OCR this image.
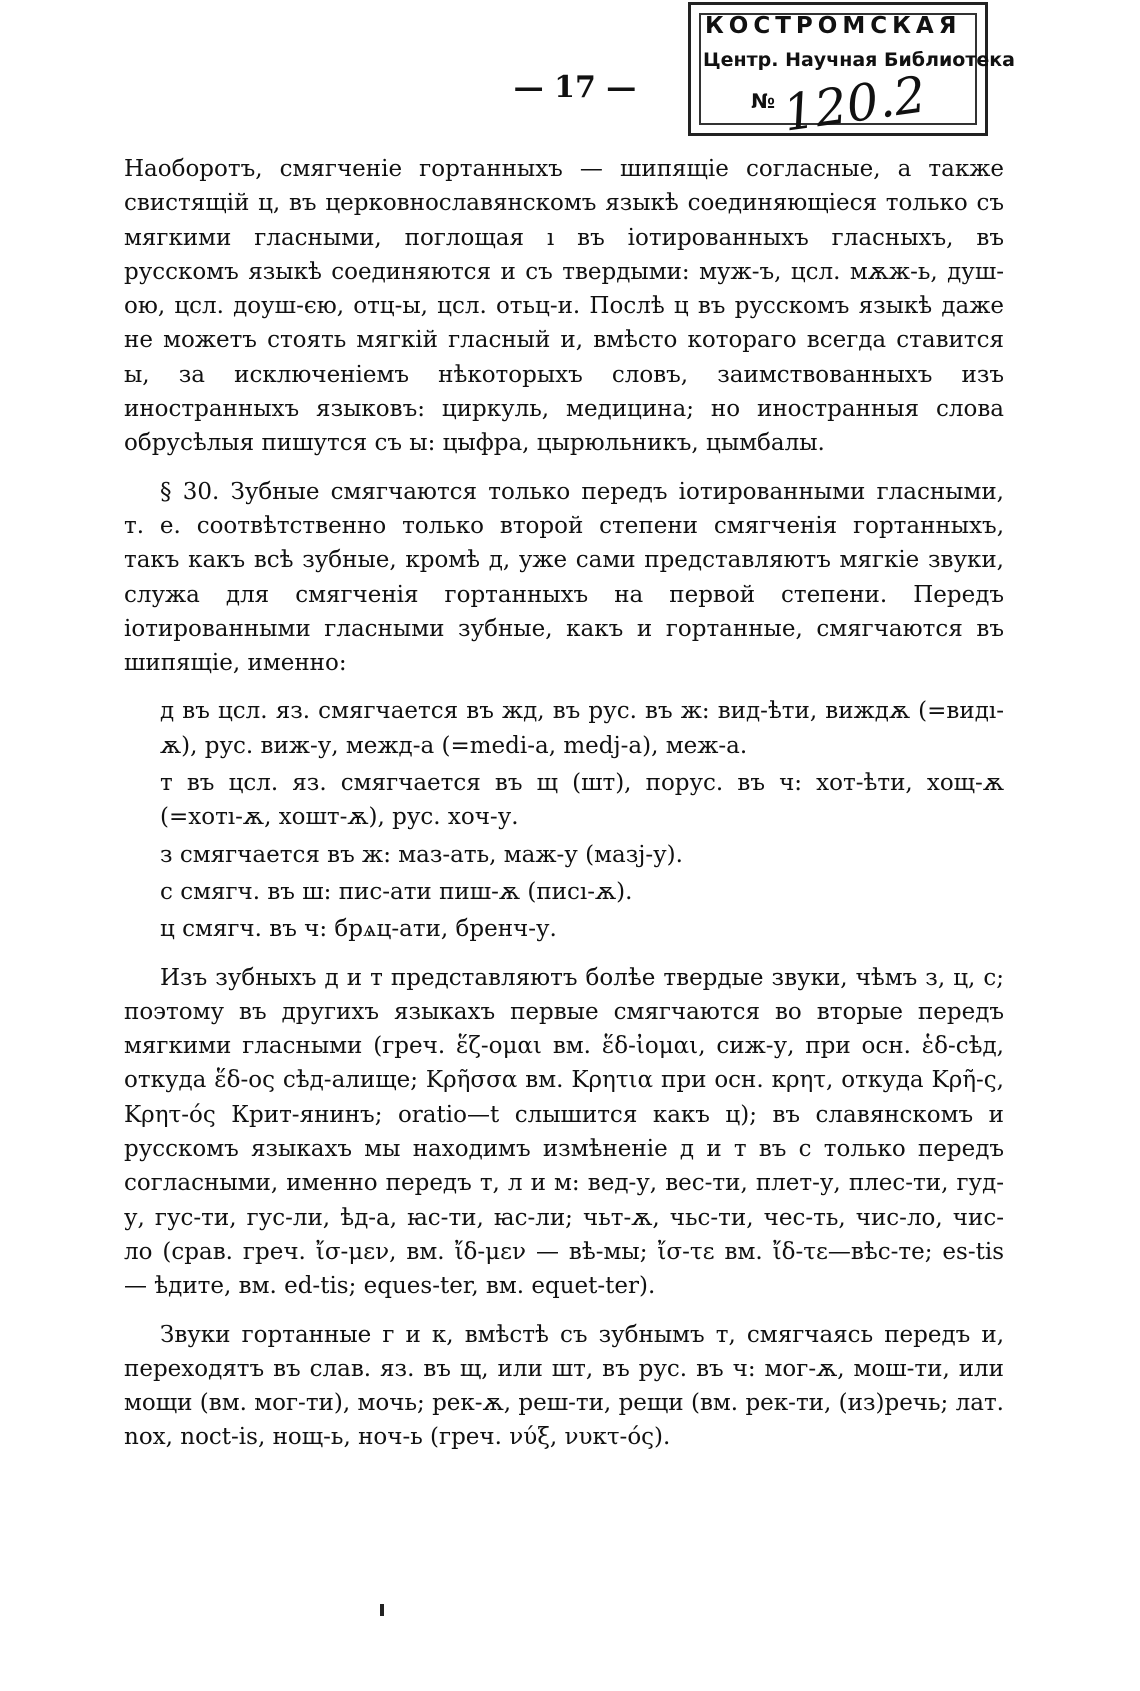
КОСТРОМСКАЯ
Центр. Научная Библиотека
№ 120.2
— 17 —

Наоборотъ, смягченіе гортанныхъ — шипящіе согласные, а также свистящій ц, въ церковнославянскомъ языкѣ соединяющіеся только съ мягкими гласными, поглощая ı въ іотированныхъ гласныхъ, въ русскомъ языкѣ соединяются и съ твердыми: муж-ъ, цсл. мѫж-ь, душ-ою, цсл. доуш-єю, отц-ы, цсл. отьц-и. Послѣ ц въ русскомъ языкѣ даже не можетъ стоять мягкій гласный и, вмѣсто котораго всегда ставится ы, за исключеніемъ нѣкоторыхъ словъ, заимствованныхъ изъ иностранныхъ языковъ: циркуль, медицина; но иностранныя слова обрусѣлыя пишутся съ ы: цыфра, цырюльникъ, цымбалы.

§ 30. Зубные смягчаются только передъ іотированными гласными, т. е. соотвѣтственно только второй степени смягченія гортанныхъ, такъ какъ всѣ зубные, кромѣ д, уже сами представляютъ мягкіе звуки, служа для смягченія гортанныхъ на первой степени. Передъ іотированными гласными зубные, какъ и гортанные, смягчаются въ шипящіе, именно:

д въ цсл. яз. смягчается въ жд, въ рус. въ ж: вид-ѣти, виждѫ (=видı-ѫ), рус. виж-у, межд-а (=medi-a, medj-a), меж-а.

т въ цсл. яз. смягчается въ щ (шт), порус. въ ч: хот-ѣти, хощ-ѫ (=хотı-ѫ, хошт-ѫ), рус. хоч-у.

з смягчается въ ж: маз-ать, маж-у (мазј-у).

с смягч. въ ш: пис-ати пиш-ѫ (писı-ѫ).

ц смягч. въ ч: брѧц-ати, бренч-у.

Изъ зубныхъ д и т представляютъ болѣе твердые звуки, чѣмъ з, ц, с; поэтому въ другихъ языкахъ первые смягчаются во вторые передъ мягкими гласными (греч. ἕζ-ομαι вм. ἕδ-ἰομαι, сиж-у, при осн. ἑδ-сѣд, откуда ἕδ-ος сѣд-алище; Κρῆσσα вм. Κρητια при осн. κρητ, откуда Κρῆ-ς, Κρητ-ός Крит-янинъ; oratio—t слышится какъ ц); въ славянскомъ и русскомъ языкахъ мы находимъ измѣненіе д и т въ с только передъ согласными, именно передъ т, л и м: вед-у, вес-ти, плет-у, плес-ти, гуд-у, гус-ти, гус-ли, ѣд-а, ꙗс-ти, ꙗс-ли; чьт-ѫ, чьс-ти, чес-ть, чис-ло, чис-ло (срав. греч. ἴσ-μεν, вм. ἴδ-μεν — вѣ-мы; ἴσ-τε вм. ἴδ-τε—вѣс-те; es-tis — ѣдите, вм. ed-tis; eques-ter, вм. equet-ter).

Звуки гортанные г и к, вмѣстѣ съ зубнымъ т, смягчаясь передъ и, переходятъ въ слав. яз. въ щ, или шт, въ рус. въ ч: мог-ѫ, мош-ти, или мощи (вм. мог-ти), мочь; рек-ѫ, реш-ти, рещи (вм. рек-ти, (из)речь; лат. nox, noct-is, нощ-ь, ноч-ь (греч. νύξ, νυκτ-ός).
